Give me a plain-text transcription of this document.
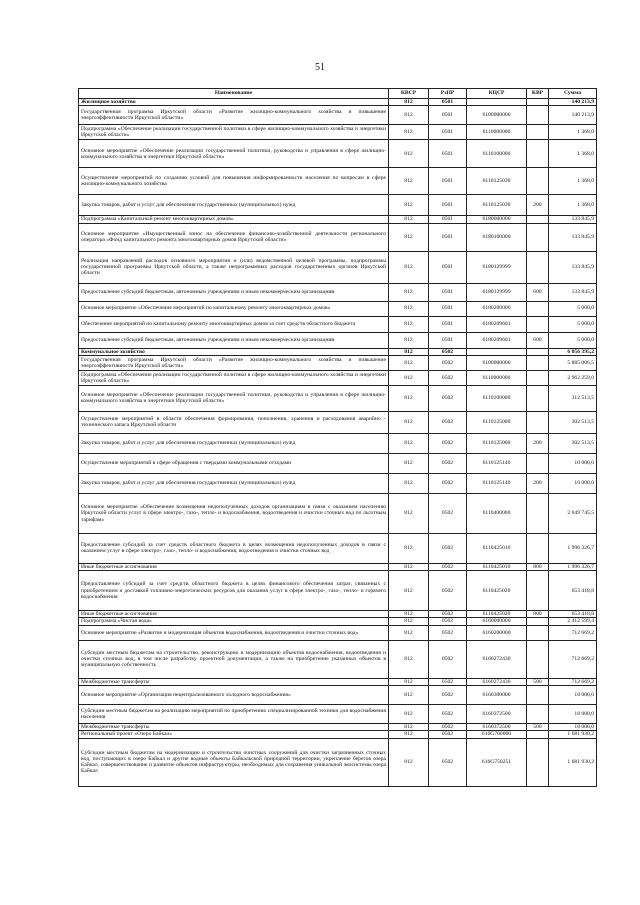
51
Наименование	КВСР	РзПР	КЦСР	КВР	Сумма
Жилищное хозяйство	812	0501			140 213,9
Государственная программа Иркутской области «Развитие жилищно-коммунального хозяйства и повышение энергоэффективности Иркутской области»	812	0501	6100000000		140 213,9
Подпрограмма «Обеспечение реализации государственной политики в сфере жилищно-коммунального хозяйства и энергетики Иркутской области»	812	0501	6110000000		1 368,0
Основное мероприятие «Обеспечение реализации государственной политики, руководства и управления в сфере жилищно-коммунального хозяйства и энергетики Иркутской области»	812	0501	6110100000		1 368,0
Осуществление мероприятий по созданию условий для повышения информированности населения по вопросам в сфере жилищно-коммунального хозяйства	812	0501	6110125030		1 368,0
Закупка товаров, работ и услуг для обеспечения государственных (муниципальных) нужд	812	0501	6110125030	200	1 368,0
Подпрограмма «Капитальный ремонт многоквартирных домов»	812	0501	6180000000		133 845,9
Основное мероприятие «Имущественный взнос на обеспечение финансово-хозяйственной деятельности регионального оператора «Фонд капитального ремонта многоквартирных домов Иркутской области»	812	0501	6180100000		133 845,9
Реализация направлений расходов основного мероприятия и (или) ведомственной целевой программы, подпрограммы государственной программы Иркутской области, а также непрограммных расходов государственных органов Иркутской области	812	0501	6180129999		133 845,9
Предоставление субсидий бюджетным, автономным учреждениям и иным некоммерческим организациям	812	0501	6180129999	600	133 845,9
Основное мероприятие «Обеспечение мероприятий по капитальному ремонту многоквартирных домов»	812	0501	6180200000		5 000,0
Обеспечение мероприятий по капитальному ремонту многоквартирных домов за счет средств областного бюджета	812	0501	6180209601		5 000,0
Предоставление субсидий бюджетным, автономным учреждениям и иным некоммерческим организациям	812	0501	6180209601	600	5 000,0
Коммунальное хозяйство	812	0502			6 056 395,2
Государственная программа Иркутской области «Развитие жилищно-коммунального хозяйства и повышение энергоэффективности Иркутской области»	812	0502	6100000000		5 885 006,5
Подпрограмма «Обеспечение реализации государственной политики в сфере жилищно-коммунального хозяйства и энергетики Иркутской области»	812	0502	6110000000		2 962 259,0
Основное мероприятие «Обеспечение реализации государственной политики, руководства и управления в сфере жилищно-коммунального хозяйства и энергетики Иркутской области»	812	0502	6110100000		312 513,5
Осуществление мероприятий в области обеспечения формирования, пополнения, хранения и расходования аварийно - технического запаса Иркутской области	812	0502	6110125000		302 513,5
Закупка товаров, работ и услуг для обеспечения государственных (муниципальных) нужд	812	0502	6110125000	200	302 513,5
Осуществление мероприятий в сфере обращения с твердыми коммунальными отходами	812	0502	6110125140		10 000,0
Закупка товаров, работ и услуг для обеспечения государственных (муниципальных) нужд	812	0502	6110125140	200	10 000,0
Основное мероприятие «Обеспечение возмещения недополученных доходов организациям в связи с оказанием населению Иркутской области услуг в сфере электро-, газо-, тепло- и водоснабжения, водоотведения и очистки сточных вод по льготным тарифам»	812	0502	6110400000		2 649 745,5
Предоставление субсидий за счет средств областного бюджета в целях возмещения недополученных доходов в связи с оказанием услуг в сфере электро-, газо-, тепло- и водоснабжения, водоотведения и очистки сточных вод	812	0502	6110425010		1 996 326,7
Иные бюджетные ассигнования	812	0502	6110425010	800	1 996 326,7
Предоставление субсидий за счет средств областного бюджета в целях финансового обеспечения затрат, связанных с приобретением и доставкой топливно-энергетических ресурсов для оказания услуг в сфере электро-, газо-, тепло- и горячего водоснабжения	812	0502	6110425020		653 418,8
Иные бюджетные ассигнования	812	0502	6110425020	800	653 418,8
Подпрограмма «Чистая вода»	812	0502	6160000000		2 412 599,4
Основное мероприятие «Развитие и модернизация объектов водоснабжения, водоотведения и очистки сточных вод»	812	0502	6160200000		712 669,2
Субсидии местным бюджетам на строительство, реконструкцию и модернизацию объектов водоснабжения, водоотведения и очистки сточных вод, в том числе разработку проектной документации, а также на приобретение указанных объектов в муниципальную собственность	812	0502	6160272430		712 669,2
Межбюджетные трансферты	812	0502	6160272430	500	712 669,2
Основное мероприятие «Организация нецентрализованного холодного водоснабжения»	812	0502	6160300000		18 000,0
Субсидии местным бюджетам на реализацию мероприятий по приобретению специализированной техники для водоснабжения населения	812	0502	6160372500		18 000,0
Межбюджетные трансферты	812	0502	6160372500	500	18 000,0
Региональный проект «Озеро Байкал»	812	0502	616G700000		1 681 930,2
Субсидии местным бюджетам на модернизацию и строительство очистных сооружений для очистки загрязненных сточных вод, поступающих в озеро Байкал и другие водные объекты Байкальской природной территории, укрепление берегов озера Байкал, совершенствование и развитие объектов инфраструктуры, необходимых для сохранения уникальной экосистемы озера Байкал	812	0502	616G750251		1 681 930,2
